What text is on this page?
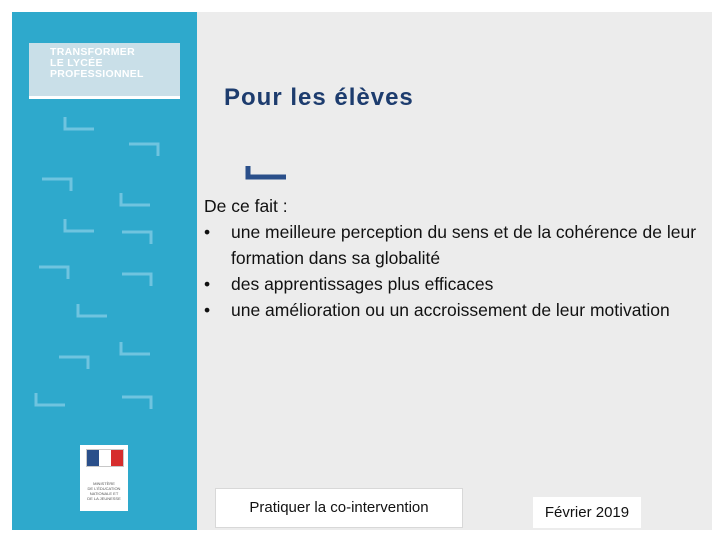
TRANSFORMER
LE LYCÉE
PROFESSIONNEL

MINISTÈRE
DE L'ÉDUCATION
NATIONALE ET
DE LA JEUNESSE
Pour les élèves

De ce fait :

• une meilleure perception du sens et de la cohérence de leur formation dans sa globalité
• des apprentissages plus efficaces
• une amélioration ou un accroissement de leur motivation
Pratiquer la co-intervention	Février 2019
